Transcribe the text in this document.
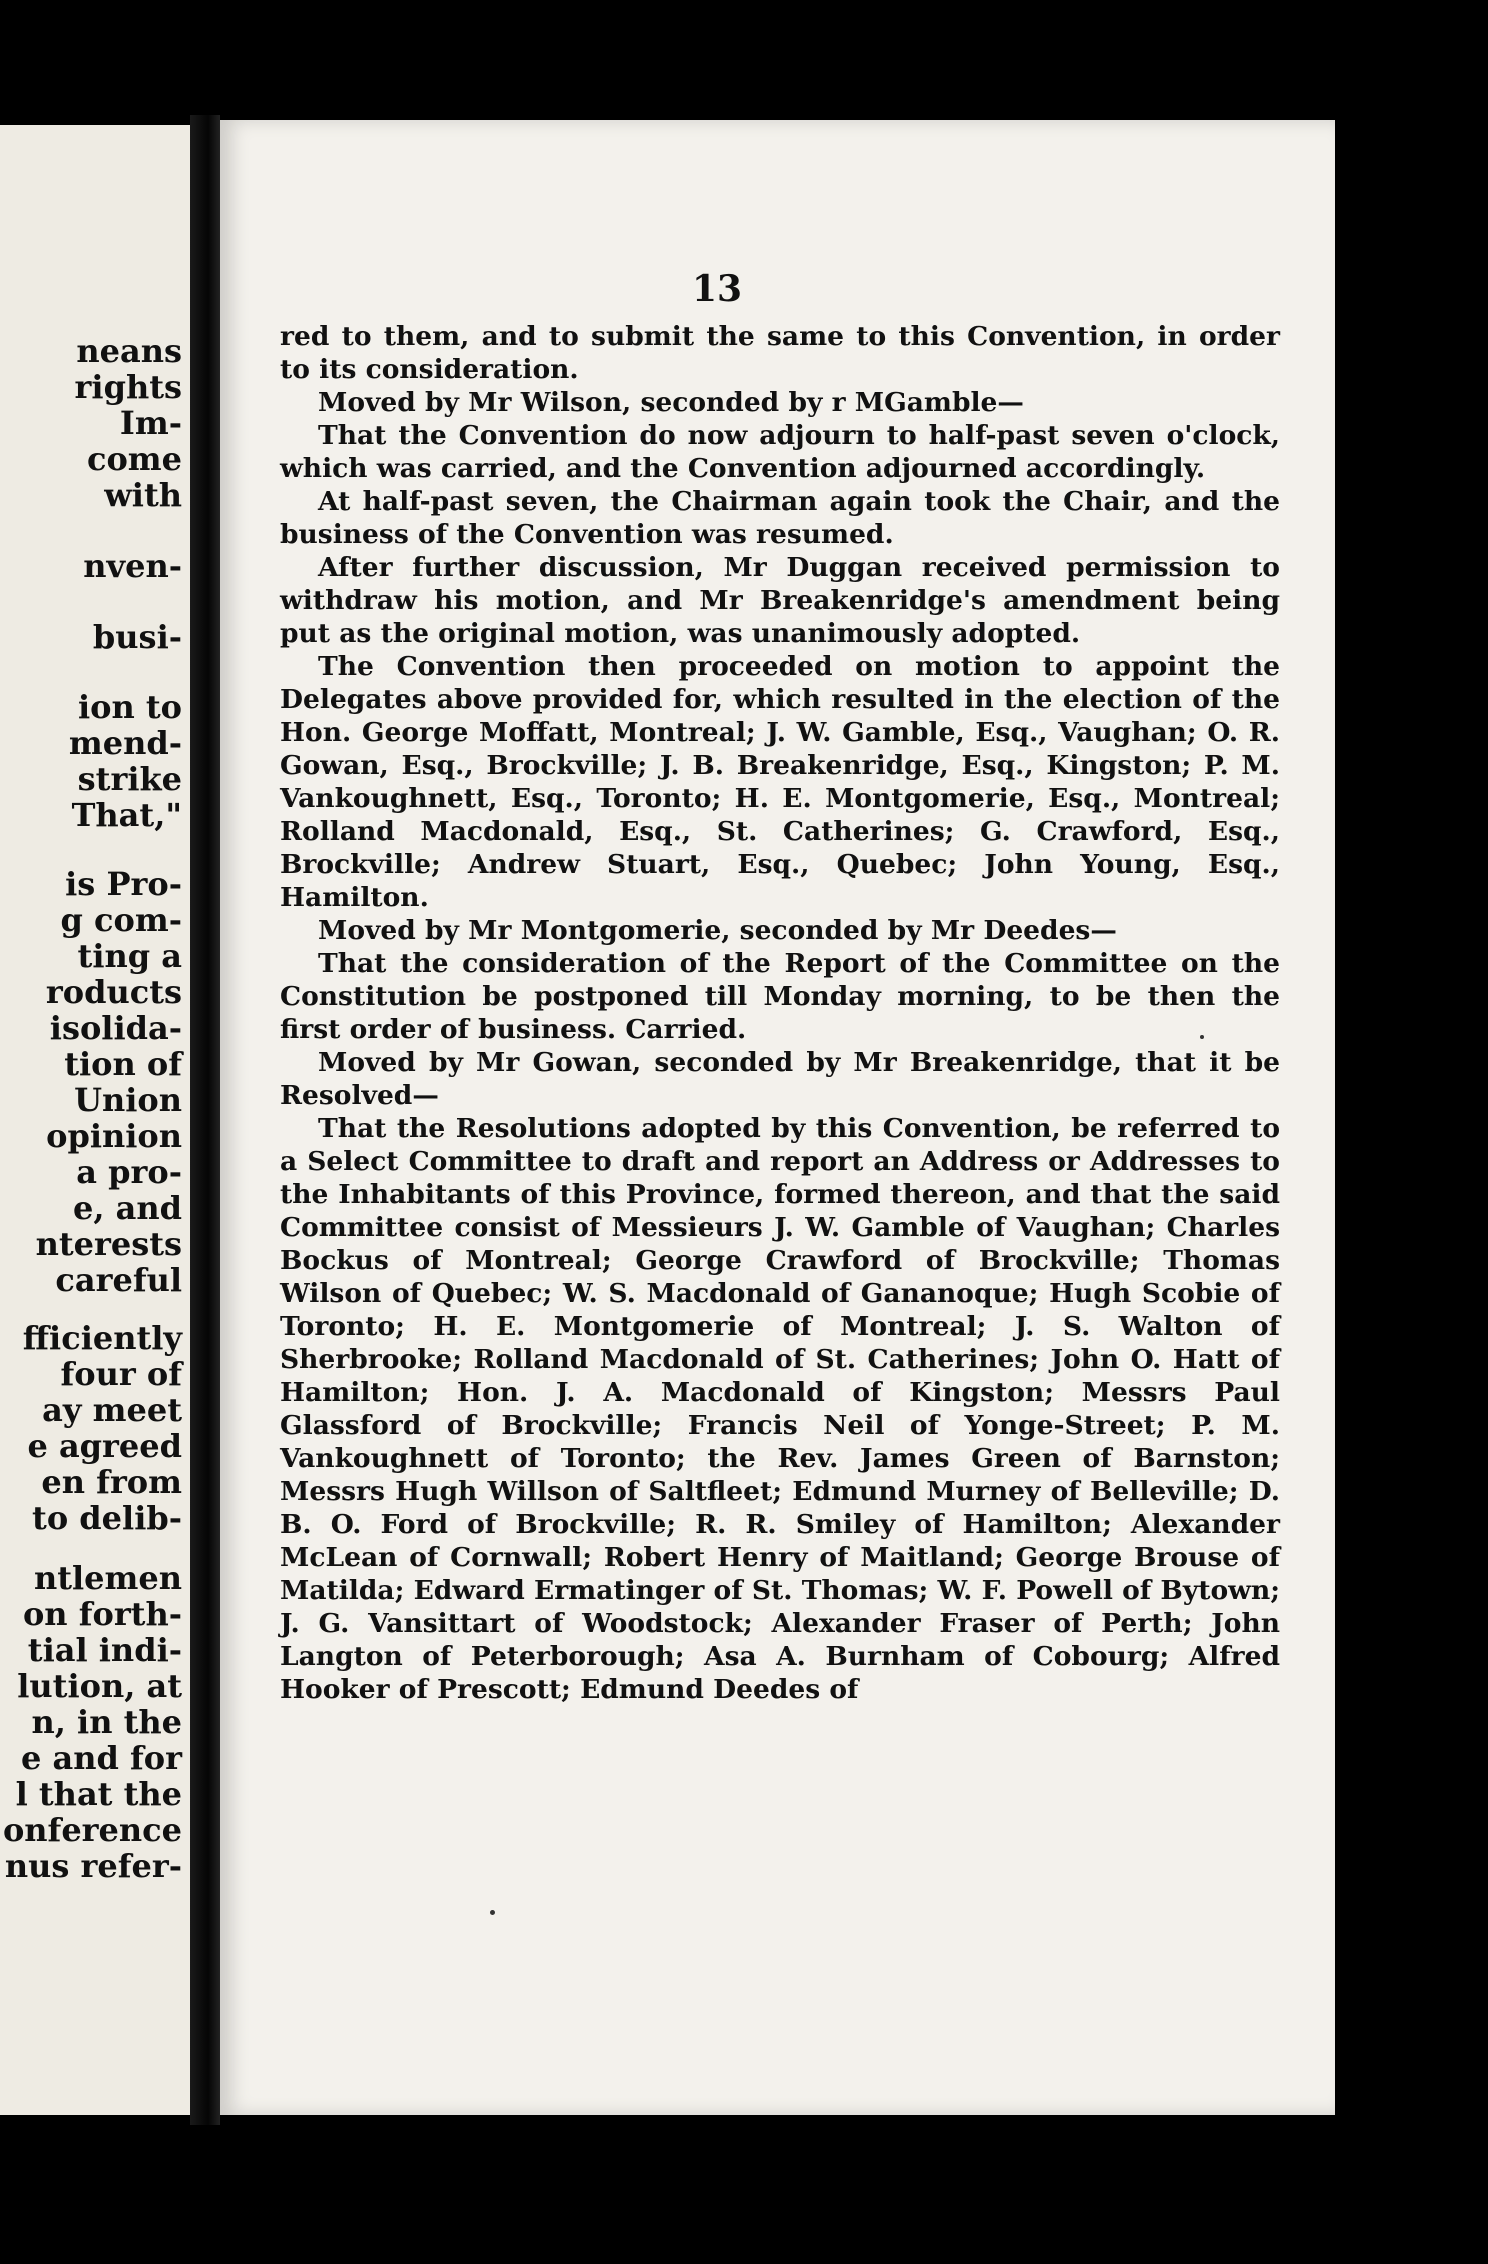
neans
rights
Im-
come
with
nven-
busi-
ion to
mend-
strike
That,"
is Pro-
g com-
ting a
roducts
isolida-
tion of
Union
opinion
a pro-
e, and
nterests
careful
fficiently
four of
ay meet
e agreed
en from
to delib-
ntlemen
on forth-
tial indi-
lution, at
n, in the
e and for
l that the
onference
nus refer-
13

red to them, and to submit the same to this Convention, in order to its consideration.

Moved by Mr Wilson, seconded by r MGamble—

That the Convention do now adjourn to half-past seven o'clock, which was carried, and the Convention adjourned accordingly.

At half-past seven, the Chairman again took the Chair, and the business of the Convention was resumed.

After further discussion, Mr Duggan received permission to withdraw his motion, and Mr Breakenridge's amendment being put as the original motion, was unanimously adopted.

The Convention then proceeded on motion to appoint the Delegates above provided for, which resulted in the election of the Hon. George Moffatt, Montreal; J. W. Gamble, Esq., Vaughan; O. R. Gowan, Esq., Brockville; J. B. Breakenridge, Esq., Kingston; P. M. Vankoughnett, Esq., Toronto; H. E. Montgomerie, Esq., Montreal; Rolland Macdonald, Esq., St. Catherines; G. Crawford, Esq., Brockville; Andrew Stuart, Esq., Quebec; John Young, Esq., Hamilton.

Moved by Mr Montgomerie, seconded by Mr Deedes—

That the consideration of the Report of the Committee on the Constitution be postponed till Monday morning, to be then the first order of business. Carried.

Moved by Mr Gowan, seconded by Mr Breakenridge, that it be Resolved—

That the Resolutions adopted by this Convention, be referred to a Select Committee to draft and report an Address or Addresses to the Inhabitants of this Province, formed thereon, and that the said Committee consist of Messieurs J. W. Gamble of Vaughan; Charles Bockus of Montreal; George Crawford of Brockville; Thomas Wilson of Quebec; W. S. Macdonald of Gananoque; Hugh Scobie of Toronto; H. E. Montgomerie of Montreal; J. S. Walton of Sherbrooke; Rolland Macdonald of St. Catherines; John O. Hatt of Hamilton; Hon. J. A. Macdonald of Kingston; Messrs Paul Glassford of Brockville; Francis Neil of Yonge-Street; P. M. Vankoughnett of Toronto; the Rev. James Green of Barnston; Messrs Hugh Willson of Saltfleet; Edmund Murney of Belleville; D. B. O. Ford of Brockville; R. R. Smiley of Hamilton; Alexander McLean of Cornwall; Robert Henry of Maitland; George Brouse of Matilda; Edward Ermatinger of St. Thomas; W. F. Powell of Bytown; J. G. Vansittart of Woodstock; Alexander Fraser of Perth; John Langton of Peterborough; Asa A. Burnham of Cobourg; Alfred Hooker of Prescott; Edmund Deedes of
